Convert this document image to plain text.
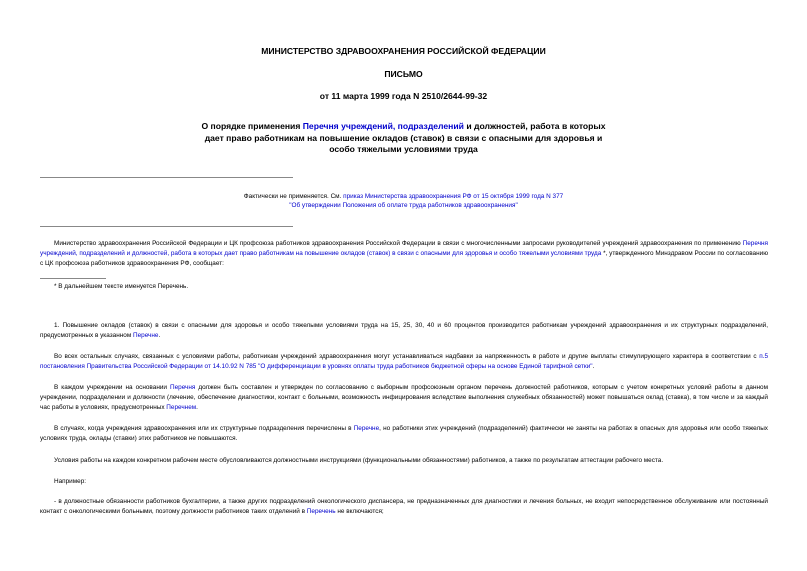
МИНИСТЕРСТВО ЗДРАВООХРАНЕНИЯ РОССИЙСКОЙ ФЕДЕРАЦИИ
ПИСЬМО
от 11 марта 1999 года N 2510/2644-99-32
О порядке применения Перечня учреждений, подразделений и должностей, работа в которых дает право работникам на повышение окладов (ставок) в связи с опасными для здоровья и особо тяжелыми условиями труда
Фактически не применяется. См. приказ Министерства здравоохранения РФ от 15 октября 1999 года N 377 "Об утверждении Положения об оплате труда работников здравоохранения"
Министерство здравоохранения Российской Федерации и ЦК профсоюза работников здравоохранения Российской Федерации в связи с многочисленными запросами руководителей учреждений здравоохранения по применению Перечня учреждений, подразделений и должностей, работа в которых дает право работникам на повышение окладов (ставок) в связи с опасными для здоровья и особо тяжелыми условиями труда *, утвержденного Минздравом России по согласованию с ЦК профсоюза работников здравоохранения РФ, сообщает:
* В дальнейшем тексте именуется Перечень.
1. Повышение окладов (ставок) в связи с опасными для здоровья и особо тяжелыми условиями труда на 15, 25, 30, 40 и 60 процентов производится работникам учреждений здравоохранения и их структурных подразделений, предусмотренных в указанном Перечне.
Во всех остальных случаях, связанных с условиями работы, работникам учреждений здравоохранения могут устанавливаться надбавки за напряженность в работе и другие выплаты стимулирующего характера в соответствии с п.5 постановления Правительства Российской Федерации от 14.10.92 N 785 "О дифференциации в уровнях оплаты труда работников бюджетной сферы на основе Единой тарифной сетки".
В каждом учреждении на основании Перечня должен быть составлен и утвержден по согласованию с выборным профсоюзным органом перечень должностей работников, которым с учетом конкретных условий работы в данном учреждении, подразделении и должности (лечение, обеспечение диагностики, контакт с больными, возможность инфицирования вследствие выполнения служебных обязанностей) может повышаться оклад (ставка), в том числе и за каждый час работы в условиях, предусмотренных Перечнем.
В случаях, когда учреждения здравоохранения или их структурные подразделения перечислены в Перечне, но работники этих учреждений (подразделений) фактически не заняты на работах в опасных для здоровья или особо тяжелых условиях труда, оклады (ставки) этих работников не повышаются.
Условия работы на каждом конкретном рабочем месте обусловливаются должностными инструкциями (функциональными обязанностями) работников, а также по результатам аттестации рабочего места.
Например:
- в должностные обязанности работников бухгалтерии, а также других подразделений онкологического диспансера, не предназначенных для диагностики и лечения больных, не входит непосредственное обслуживание или постоянный контакт с онкологическими больными, поэтому должности работников таких отделений в Перечень не включаются;
